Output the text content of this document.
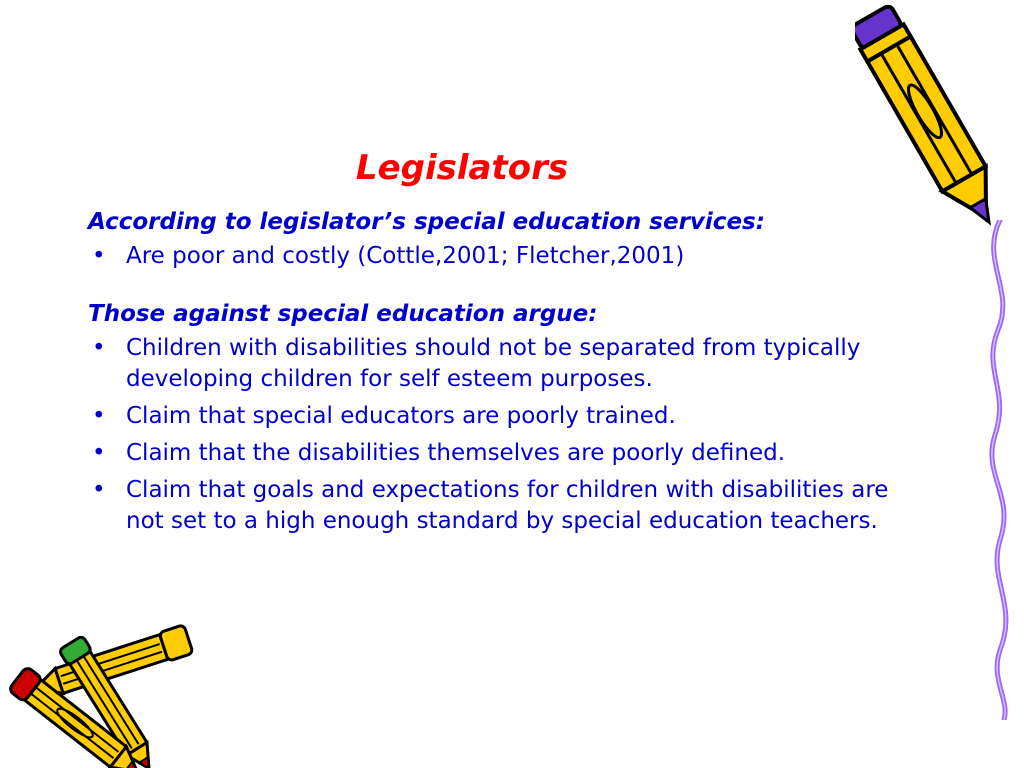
Legislators

According to legislator’s special education services:

• Are poor and costly (Cottle,2001; Fletcher,2001)

Those against special education argue:

• Children with disabilities should not be separated from typically developing children for self esteem purposes.
• Claim that special educators are poorly trained.
• Claim that the disabilities themselves are poorly defined.
• Claim that goals and expectations for children with disabilities are not set to a high enough standard by special education teachers.
